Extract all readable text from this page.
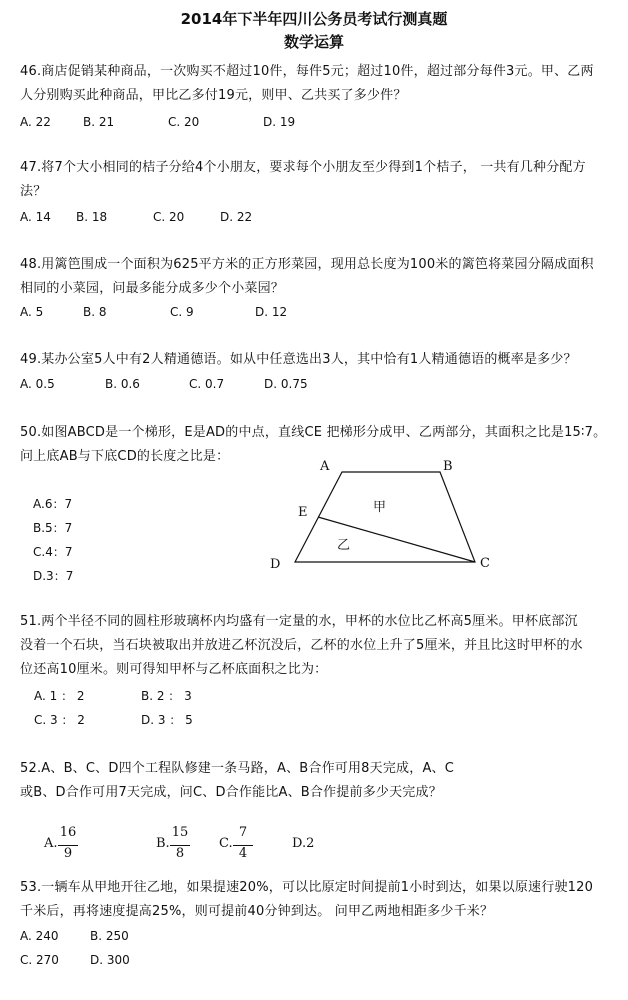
2014年下半年四川公务员考试行测真题
数学运算
46.商店促销某种商品，一次购买不超过10件，每件5元；超过10件，超过部分每件3元。甲、乙两
人分别购买此种商品，甲比乙多付19元，则甲、乙共买了多少件？
A. 22	B. 21	C. 20	D. 19
47.将7个大小相同的桔子分给4个小朋友，要求每个小朋友至少得到1个桔子， 一共有几种分配方
法？
A. 14 B. 18	C. 20	D. 22
48.用篱笆围成一个面积为625平方米的正方形菜园，现用总长度为100米的篱笆将菜园分隔成面积
相同的小菜园，问最多能分成多少个小菜园？
A. 5	B. 8	C. 9	D. 12
49.某办公室5人中有2人精通德语。如从中任意选出3人，其中恰有1人精通德语的概率是多少？
A. 0.5	B. 0.6	C. 0.7	D. 0.75
50.如图ABCD是一个梯形，E是AD的中点，直线CE 把梯形分成甲、乙两部分，其面积之比是15∶7。
问上底AB与下底CD的长度之比是：
A.6：7
B.5：7
C.4：7
D.3：7
A	B
E
D	C
甲
乙
51.两个半径不同的圆柱形玻璃杯内均盛有一定量的水，甲杯的水位比乙杯高5厘米。甲杯底部沉
没着一个石块，当石块被取出并放进乙杯沉没后，乙杯的水位上升了5厘米，并且比这时甲杯的水
位还高10厘米。则可得知甲杯与乙杯底面积之比为：
A. 1 ： 2	B. 2 ： 3
C. 3 ： 2	D. 3 ： 5
52.A、B、C、D四个工程队修建一条马路，A、B合作可用8天完成，A、C
或B、D合作可用7天完成，问C、D合作能比A、B合作提前多少天完成？
A.
16
9
B.
15
8
C.
7
4
D.2
53.一辆车从甲地开往乙地，如果提速20%，可以比原定时间提前1小时到达，如果以原速行驶120
千米后，再将速度提高25%，则可提前40分钟到达。 问甲乙两地相距多少千米？
A. 240	B. 250
C. 270	D. 300
